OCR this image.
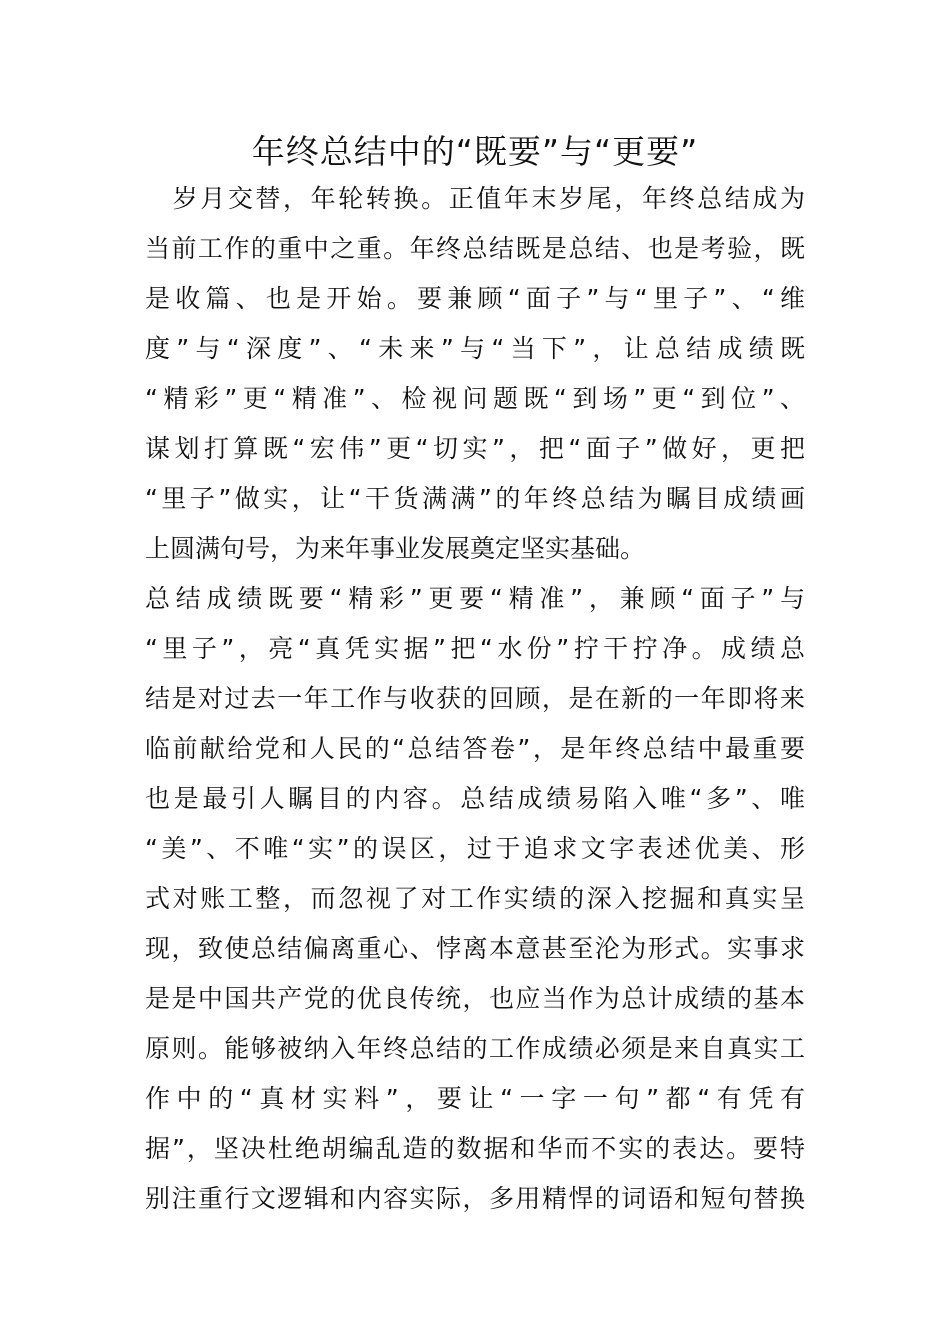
年终总结中的“既要”与“更要”

　岁月交替，年轮转换。正值年末岁尾，年终总结成为

当前工作的重中之重。年终总结既是总结、也是考验，既

是收篇、也是开始。要兼顾“面子”与“里子”、“维

度”与“深度”、“未来”与“当下”，让总结成绩既

“精彩”更“精准”、检视问题既“到场”更“到位”、

谋划打算既“宏伟”更“切实”，把“面子”做好，更把

“里子”做实，让“干货满满”的年终总结为瞩目成绩画

上圆满句号，为来年事业发展奠定坚实基础。

总结成绩既要“精彩”更要“精准”，兼顾“面子”与

“里子”，亮“真凭实据”把“水份”拧干拧净。成绩总

结是对过去一年工作与收获的回顾，是在新的一年即将来

临前献给党和人民的“总结答卷”，是年终总结中最重要

也是最引人瞩目的内容。总结成绩易陷入唯“多”、唯

“美”、不唯“实”的误区，过于追求文字表述优美、形

式对账工整，而忽视了对工作实绩的深入挖掘和真实呈

现，致使总结偏离重心、悖离本意甚至沦为形式。实事求

是是中国共产党的优良传统，也应当作为总计成绩的基本

原则。能够被纳入年终总结的工作成绩必须是来自真实工

作中的“真材实料”，要让“一字一句”都“有凭有

据”，坚决杜绝胡编乱造的数据和华而不实的表达。要特

别注重行文逻辑和内容实际，多用精悍的词语和短句替换
